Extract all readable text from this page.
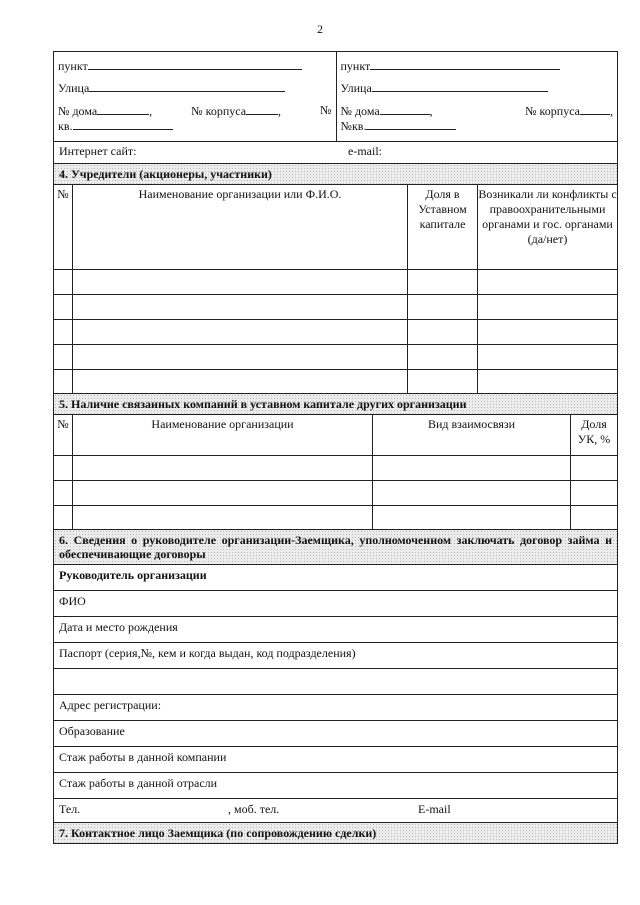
2
пункт
Улица
№ дома	,	№ корпуса	,	№
кв.
пункт
Улица
№ дома	,	№ корпуса	,
№кв.
Интернет сайт:	e-mail:
4. Учредители (акционеры, участники)
№	Наименование организации или Ф.И.О.	Доля в Уставном капитале	Возникали ли конфликты с правоохранительными органами и гос. органами (да/нет)

5. Наличие связанных компаний в уставном капитале других организации
№	Наименование организации	Вид взаимосвязи	Доля УК, %

6. Сведения о руководителе организации-Заемщика, уполномоченном заключать договор займа и обеспечивающие договоры
Руководитель организации
ФИО
Дата и место рождения
Паспорт (серия,№, кем и когда выдан, код подразделения)
Адрес регистрации:
Образование
Стаж работы в данной компании
Стаж работы в данной отрасли
Тел.	, моб. тел.	E-mail
7. Контактное лицо Заемщика (по сопровождению сделки)
